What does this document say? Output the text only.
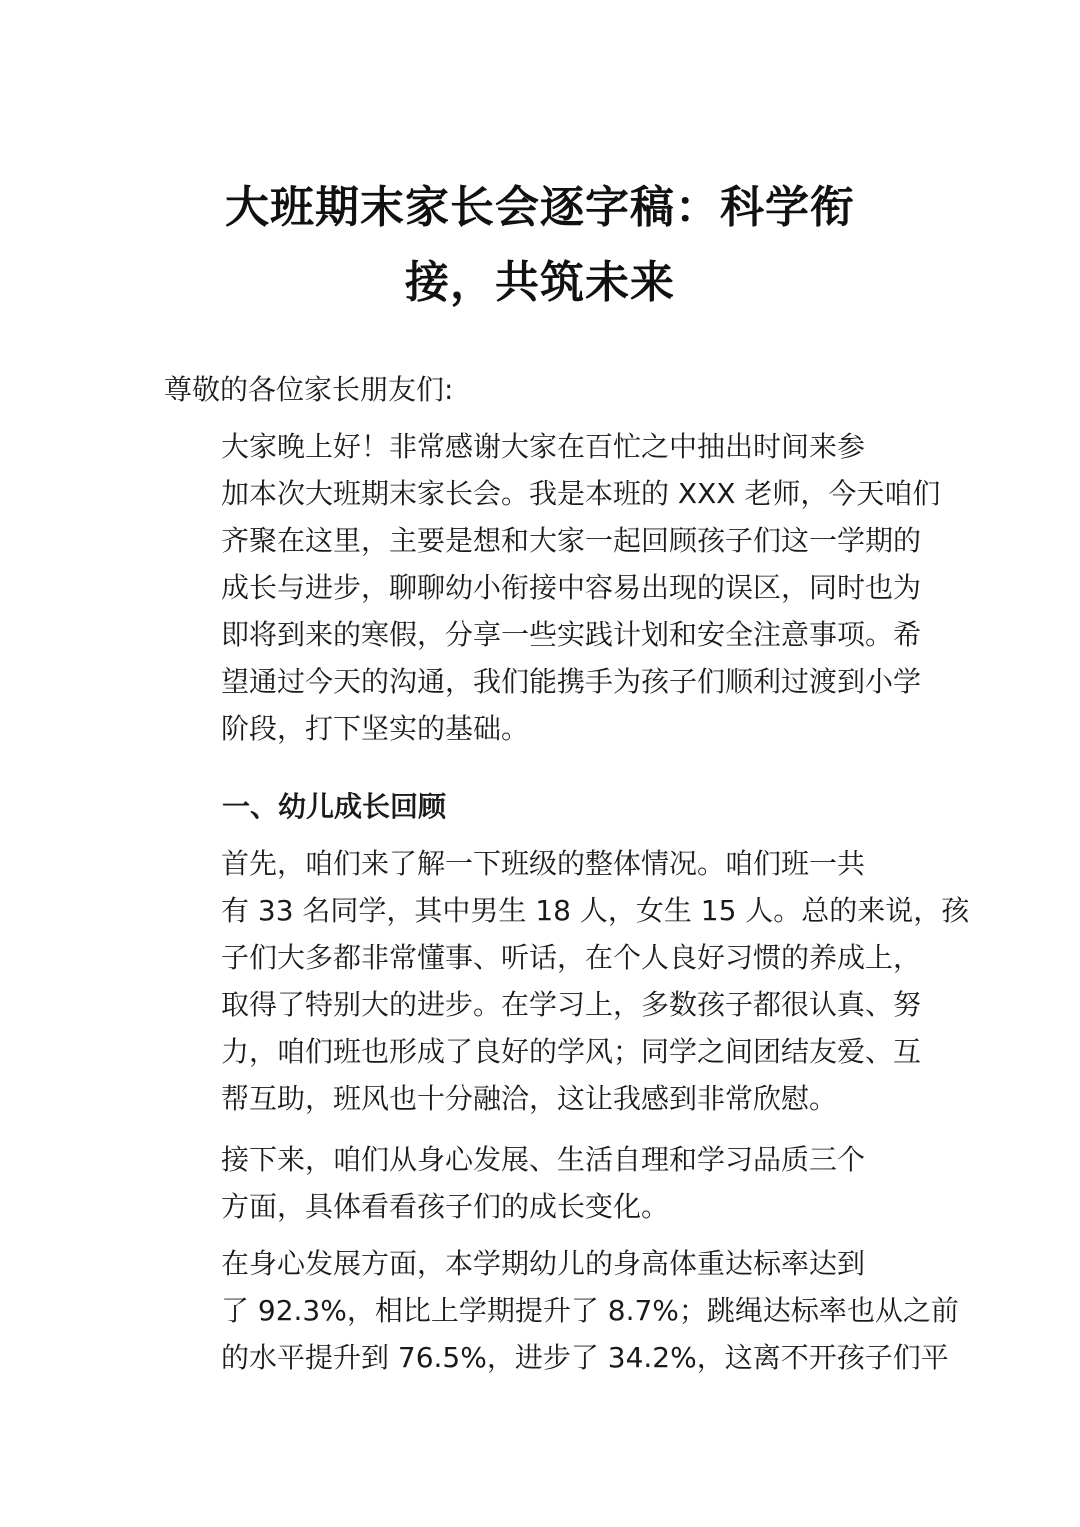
大班期末家长会逐字稿：科学衔
接，共筑未来

尊敬的各位家长朋友们:

大家晚上好！非常感谢大家在百忙之中抽出时间来参
加本次大班期末家长会。我是本班的 XXX 老师，今天咱们
齐聚在这里，主要是想和大家一起回顾孩子们这一学期的
成长与进步，聊聊幼小衔接中容易出现的误区，同时也为
即将到来的寒假，分享一些实践计划和安全注意事项。希
望通过今天的沟通，我们能携手为孩子们顺利过渡到小学
阶段，打下坚实的基础。
一、幼儿成长回顾
首先，咱们来了解一下班级的整体情况。咱们班一共
有 33 名同学，其中男生 18 人，女生 15 人。总的来说，孩
子们大多都非常懂事、听话，在个人良好习惯的养成上，
取得了特别大的进步。在学习上，多数孩子都很认真、努
力，咱们班也形成了良好的学风；同学之间团结友爱、互
帮互助，班风也十分融洽，这让我感到非常欣慰。
接下来，咱们从身心发展、生活自理和学习品质三个
方面，具体看看孩子们的成长变化。
在身心发展方面，本学期幼儿的身高体重达标率达到
了 92.3%，相比上学期提升了 8.7%；跳绳达标率也从之前
的水平提升到 76.5%，进步了 34.2%，这离不开孩子们平
